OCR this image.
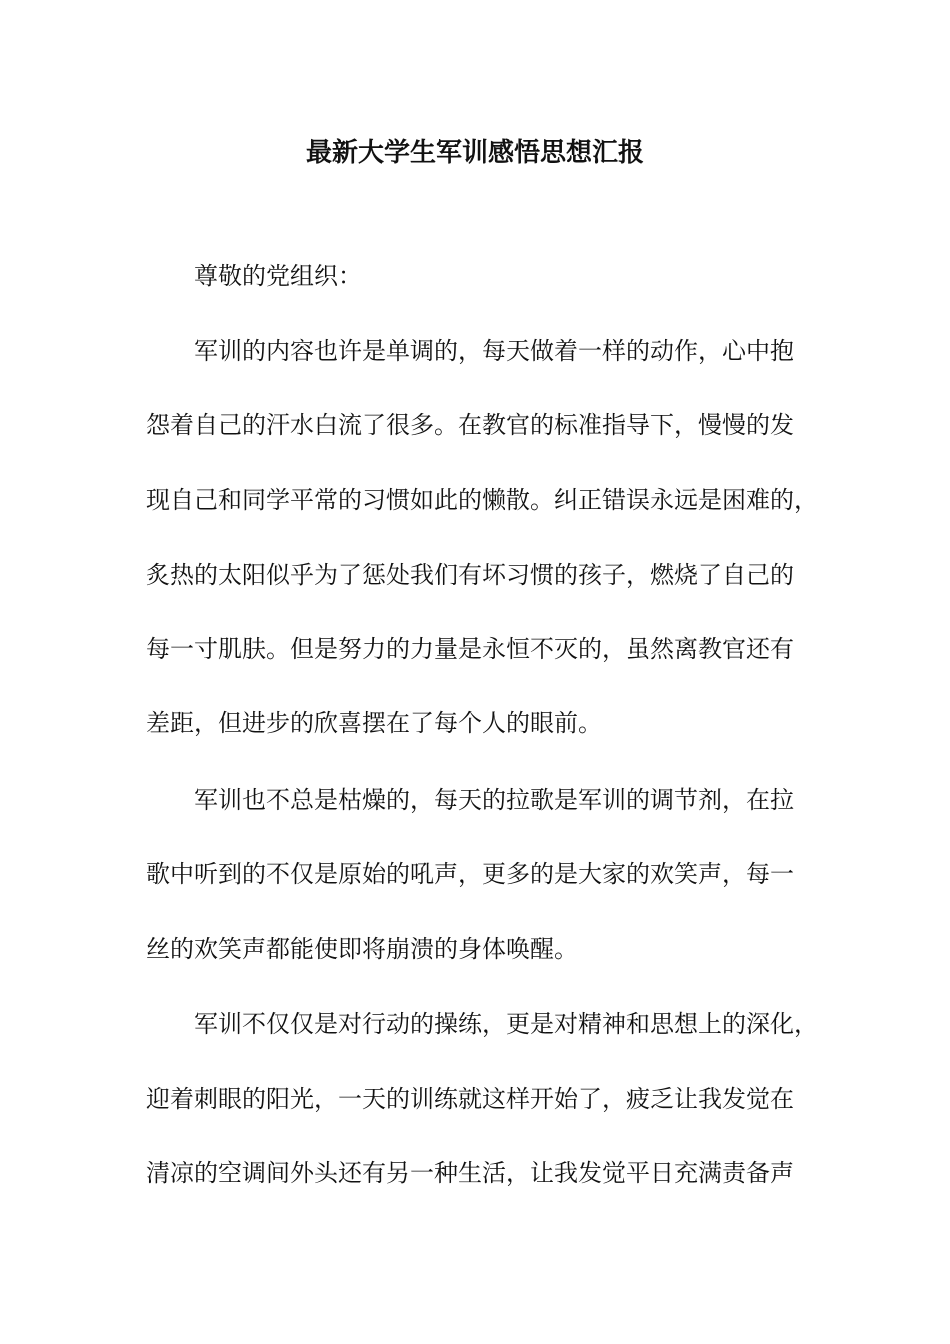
最新大学生军训感悟思想汇报
尊敬的党组织：
军训的内容也许是单调的，每天做着一样的动作，心中抱
怨着自己的汗水白流了很多。在教官的标准指导下，慢慢的发
现自己和同学平常的习惯如此的懒散。纠正错误永远是困难的，
炙热的太阳似乎为了惩处我们有坏习惯的孩子，燃烧了自己的
每一寸肌肤。但是努力的力量是永恒不灭的，虽然离教官还有
差距，但进步的欣喜摆在了每个人的眼前。
军训也不总是枯燥的，每天的拉歌是军训的调节剂，在拉
歌中听到的不仅是原始的吼声，更多的是大家的欢笑声，每一
丝的欢笑声都能使即将崩溃的身体唤醒。
军训不仅仅是对行动的操练，更是对精神和思想上的深化，
迎着刺眼的阳光，一天的训练就这样开始了，疲乏让我发觉在
清凉的空调间外头还有另一种生活，让我发觉平日充满责备声
